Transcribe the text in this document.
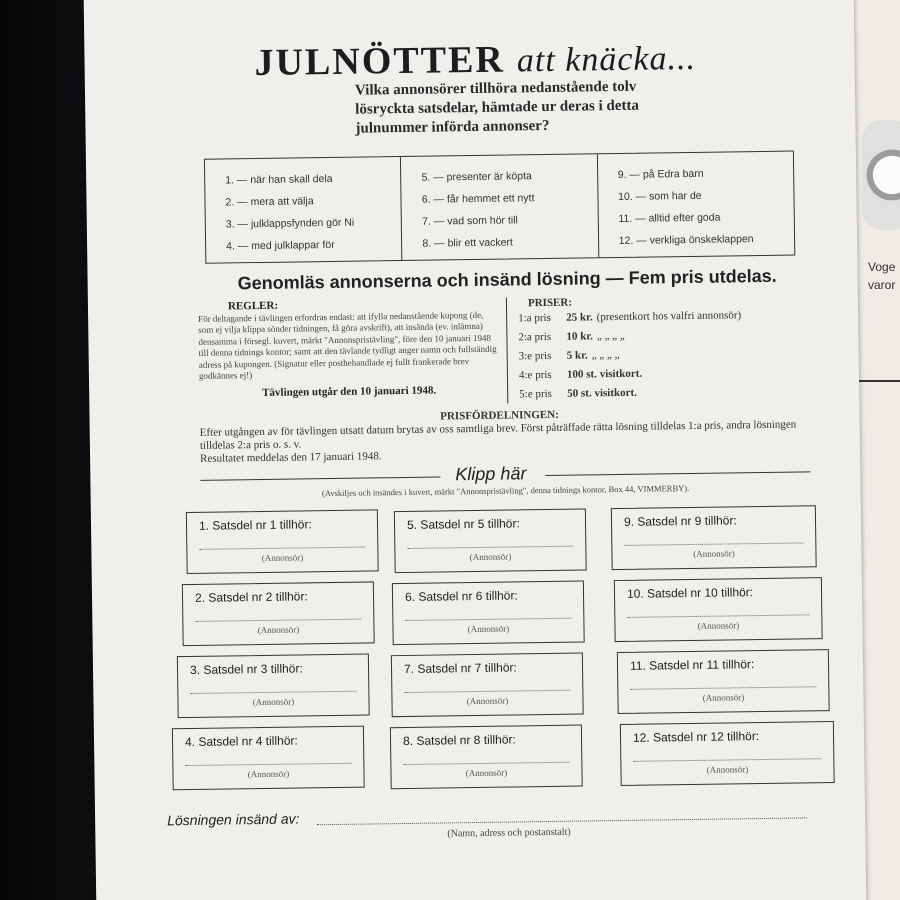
Voge
varor
JULNÖTTER att knäcka...
Vilka annonsörer tillhöra nedanstående tolv lösryckta satsdelar, hämtade ur deras i detta julnummer införda annonser?
1. — när han skall dela
2. — mera att välja
3. — julklappsfynden gör Ni
4. — med julklappar för
5. — presenter är köpta
6. — får hemmet ett nytt
7. — vad som hör till
8. — blir ett vackert
9. — på Edra barn
10. — som har de
11. — alltid efter goda
12. — verkliga önskeklappen
Genomläs annonserna och insänd lösning — Fem pris utdelas.
REGLER:
För deltagande i tävlingen erfordras endast: att ifylla nedanstående kupong (de, som ej vilja klippa sönder tidningen, få göra avskrift), att insända (ev. inlämna) densamma i försegl. kuvert, märkt "Annonspristävling", före den 10 januari 1948 till denna tidnings kontor; samt att den tävlande tydligt anger namn och fullständig adress på kupongen. (Signatur eller posthehandlade ej fullt frankerade brev godkännes ej!)
Tävlingen utgår den 10 januari 1948.
PRISER:
1:a pris	25 kr. (presentkort hos valfri annonsör)
2:a pris	10 kr. „ „ „ „
3:e pris	5 kr. „ „ „ „
4:e pris	100 st. visitkort.
5:e pris	50 st. visitkort.
PRISFÖRDELNINGEN:
Efter utgången av för tävlingen utsatt datum brytas av oss samtliga brev. Först påträffade rätta lösning tilldelas 1:a pris, andra lösningen tilldelas 2:a pris o. s. v.
Resultatet meddelas den 17 januari 1948.
Klipp här
(Avskiljes och insändes i kuvert, märkt "Annonspristävling", denna tidnings kontor, Box 44, VIMMERBY).
1. Satsdel nr 1 tillhör:
(Annonsör)
2. Satsdel nr 2 tillhör:
(Annonsör)
3. Satsdel nr 3 tillhör:
(Annonsör)
4. Satsdel nr 4 tillhör:
(Annonsör)
5. Satsdel nr 5 tillhör:
(Annonsör)
6. Satsdel nr 6 tillhör:
(Annonsör)
7. Satsdel nr 7 tillhör:
(Annonsör)
8. Satsdel nr 8 tillhör:
(Annonsör)
9. Satsdel nr 9 tillhör:
(Annonsör)
10. Satsdel nr 10 tillhör:
(Annonsör)
11. Satsdel nr 11 tillhör:
(Annonsör)
12. Satsdel nr 12 tillhör:
(Annonsör)
Lösningen insänd av:
(Namn, adress och postanstalt)
